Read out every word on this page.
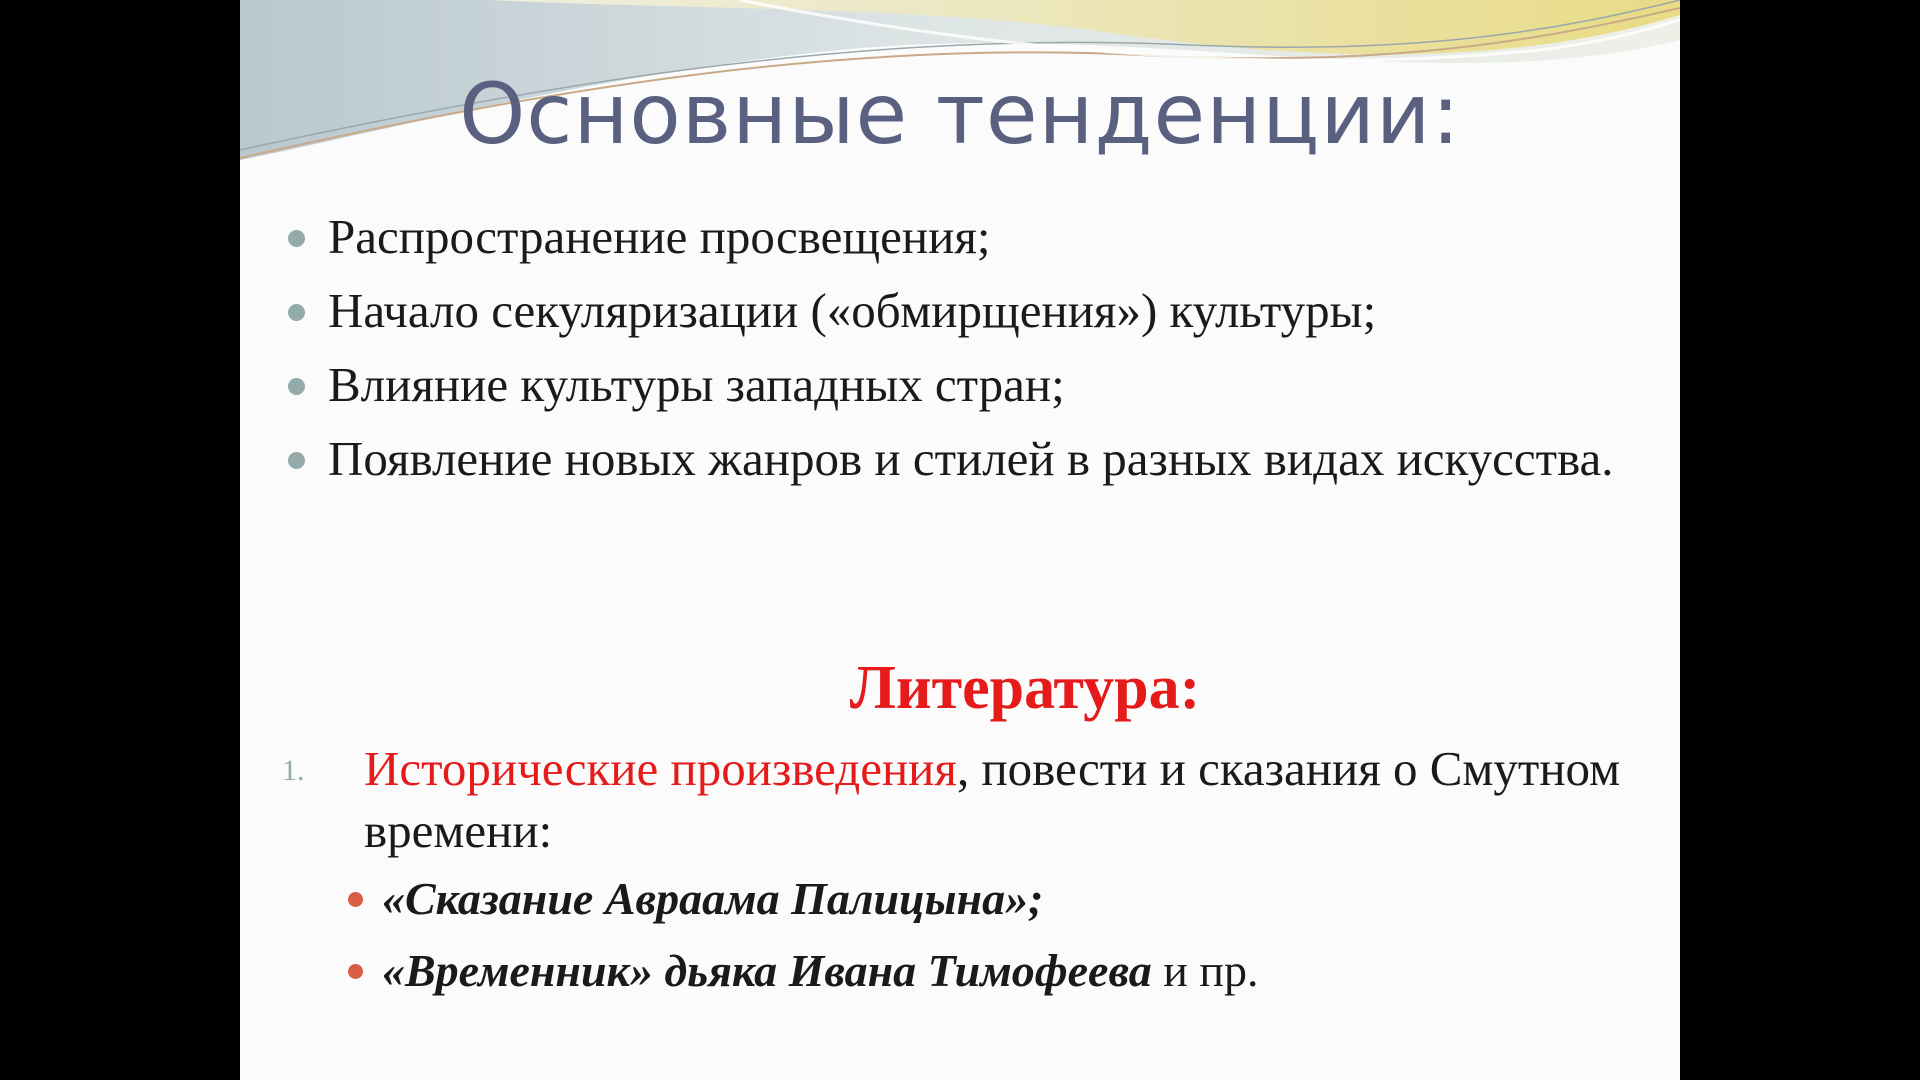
Основные тенденции:
Распространение просвещения;
Начало секуляризации («обмирщения») культуры;
Влияние культуры западных стран;
Появление новых жанров и стилей в разных видах искусства.
Литература:
1. Исторические произведения, повести и сказания о Смутном времени:
«Сказание Авраама Палицына»;
«Временник» дьяка Ивана Тимофеева и пр.
